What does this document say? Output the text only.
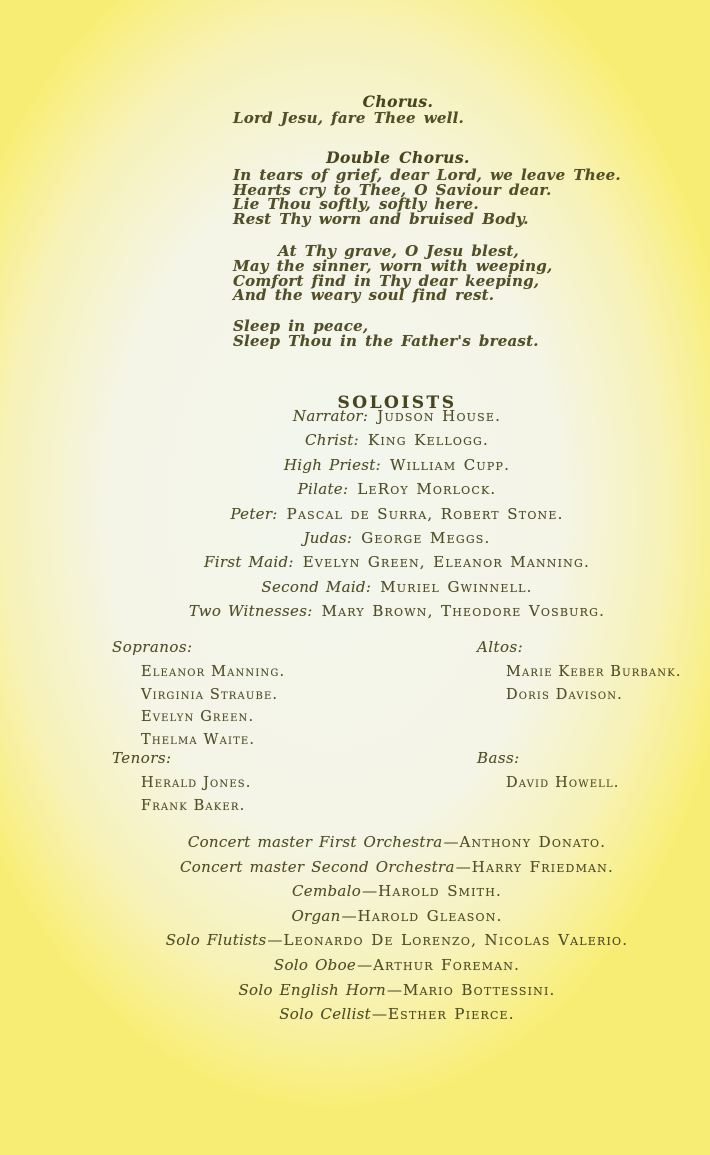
Chorus.
Lord Jesu, fare Thee well.
Double Chorus.
In tears of grief, dear Lord, we leave Thee.
Hearts cry to Thee, O Saviour dear.
Lie Thou softly, softly here.
Rest Thy worn and bruised Body.
At Thy grave, O Jesu blest,
May the sinner, worn with weeping,
Comfort find in Thy dear keeping,
And the weary soul find rest.
Sleep in peace,
Sleep Thou in the Father's breast.
SOLOISTS
Narrator: Judson House.
Christ: King Kellogg.
High Priest: William Cupp.
Pilate: LeRoy Morlock.
Peter: Pascal de Surra, Robert Stone.
Judas: George Meggs.
First Maid: Evelyn Green, Eleanor Manning.
Second Maid: Muriel Gwinnell.
Two Witnesses: Mary Brown, Theodore Vosburg.
Sopranos:
Eleanor Manning.
Virginia Straube.
Evelyn Green.
Thelma Waite.
Altos:
Marie Keber Burbank.
Doris Davison.
Tenors:
Herald Jones.
Frank Baker.
Bass:
David Howell.
Concert master First Orchestra—Anthony Donato.
Concert master Second Orchestra—Harry Friedman.
Cembalo—Harold Smith.
Organ—Harold Gleason.
Solo Flutists—Leonardo De Lorenzo, Nicolas Valerio.
Solo Oboe—Arthur Foreman.
Solo English Horn—Mario Bottessini.
Solo Cellist—Esther Pierce.
